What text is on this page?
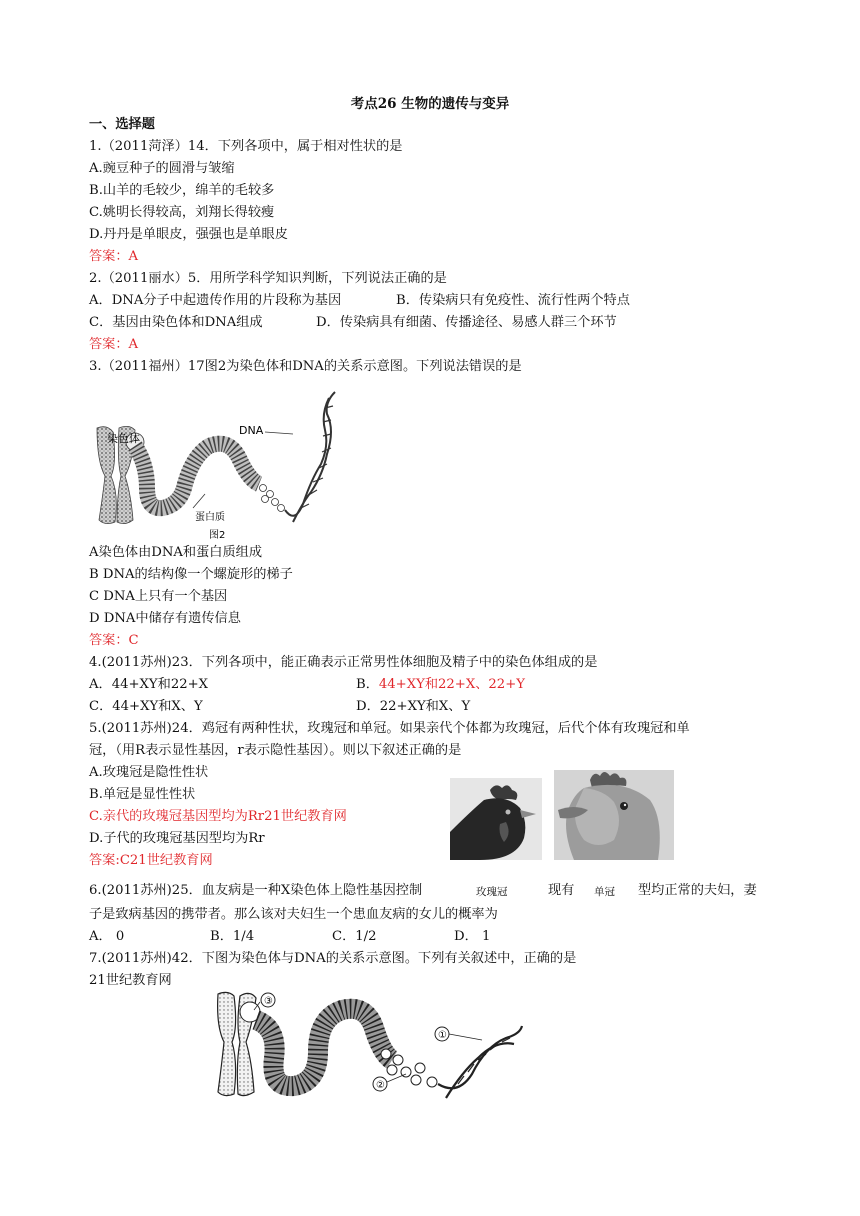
考点26 生物的遗传与变异
一、选择题
1.（2011菏泽）14．下列各项中，属于相对性状的是
A.豌豆种子的圆滑与皱缩
B.山羊的毛较少，绵羊的毛较多
C.姚明长得较高，刘翔长得较瘦
D.丹丹是单眼皮，强强也是单眼皮
答案：A
2.（2011丽水）5．用所学科学知识判断，下列说法正确的是
A．DNA分子中起遗传作用的片段称为基因	B．传染病只有免疫性、流行性两个特点
C．基因由染色体和DNA组成	D．传染病具有细菌、传播途径、易感人群三个环节
答案：A
3.（2011福州）17图2为染色体和DNA的关系示意图。下列说法错误的是
染色体
DNA
蛋白质
图2
A染色体由DNA和蛋白质组成
B DNA的结构像一个螺旋形的梯子
C DNA上只有一个基因
D DNA中储存有遗传信息
答案：C
4.(2011苏州)23．下列各项中，能正确表示正常男性体细胞及精子中的染色体组成的是
A．44+XY和22+X	B．44+XY和22+X、22+Y
C．44+XY和X、Y	D．22+XY和X、Y
5.(2011苏州)24．鸡冠有两种性状，玫瑰冠和单冠。如果亲代个体都为玫瑰冠，后代个体有玫瑰冠和单
冠，（用R表示显性基因，r表示隐性基因）。则以下叙述正确的是
A.玫瑰冠是隐性性状
B.单冠是显性性状
C.亲代的玫瑰冠基因型均为Rr21世纪教育网
D.子代的玫瑰冠基因型均为Rr
答案:C21世纪教育网
玫瑰冠	单冠
6.(2011苏州)25．血友病是一种X染色体上隐性基因控制	现有	型均正常的夫妇，妻
子是致病基因的携带者。那么该对夫妇生一个患血友病的女儿的概率为
A． 0	B．1/4	C．1/2	D． 1
7.(2011苏州)42．下图为染色体与DNA的关系示意图。下列有关叙述中，正确的是
21世纪教育网
③
①
②
